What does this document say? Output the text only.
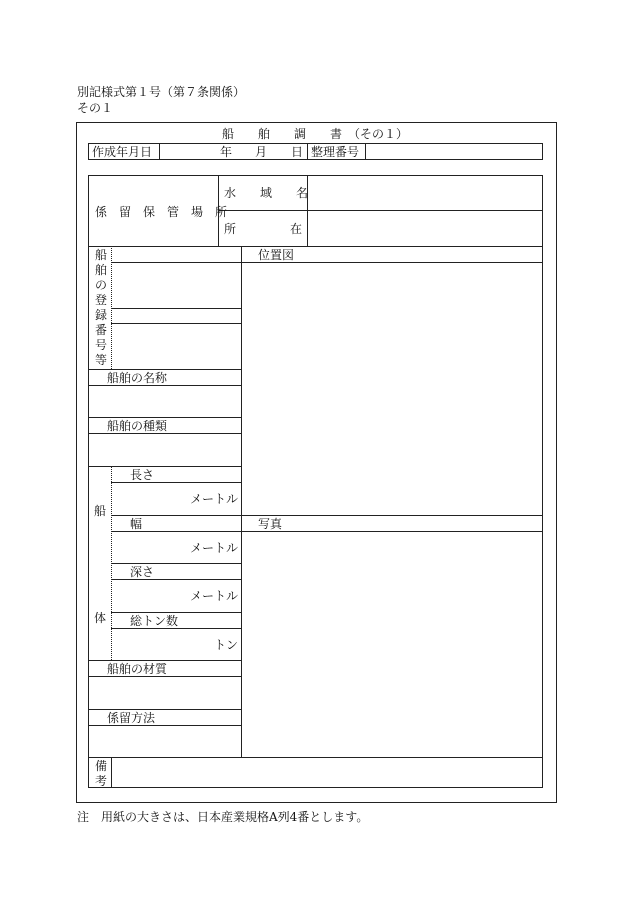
別記様式第１号（第７条関係）
その１
船　　舶　　調　　書　（その１）
作成年月日	年 月 日 整理番号
係　留　保　管　場　所
水　　域　　名
所	在
位置図
写真
船
舶
の
登
録
番
号
等
船舶の名称
船舶の種類
船
体
長さ
メートル
幅
メートル
深さ
メートル
総トン数
トン
船舶の材質
係留方法
備
考
注　用紙の大きさは、日本産業規格A列4番とします。
